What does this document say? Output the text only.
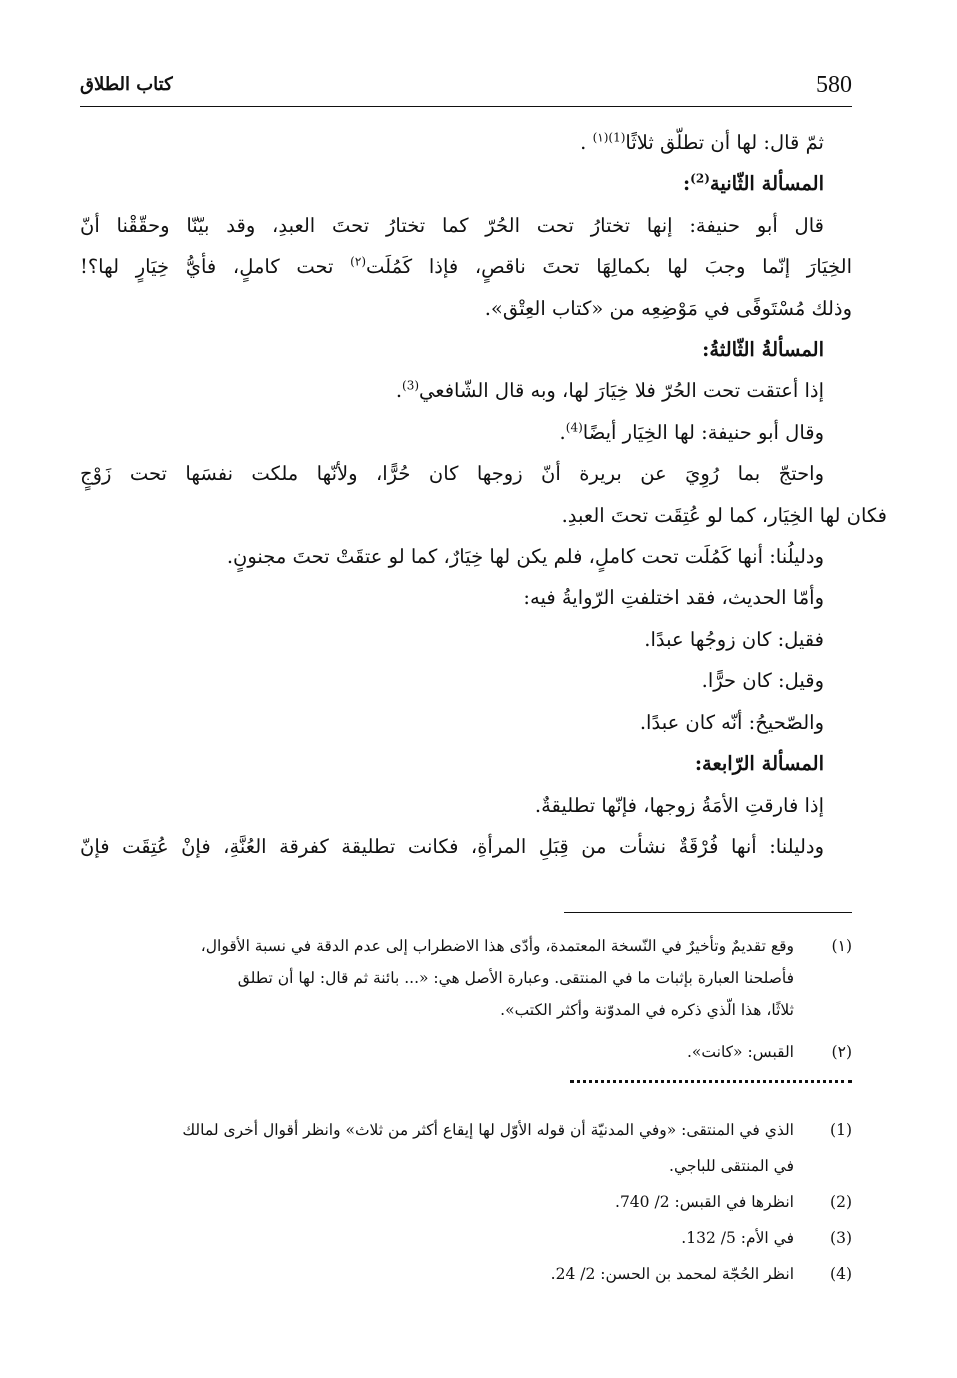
580
كتاب الطلاق

ثمّ قال: لها أن تطلّق ثلاثًا$^{(1)(١)}$ .

المسألة الثّانية$^{(2)}$:

قال أبو حنيفة: إنها تختارُ تحت الحُرّ كما تختارُ تحتَ العبدِ، وقد بيّنّا وحقّقْنا أنّ

الخِيَارَ إنّما وجبَ لها بكمالِهَا تحتَ ناقصٍ، فإذا كَمُلَت$^{(٢)}$ تحت كاملٍ، فأيُّ خِيَارٍ لها؟!

وذلك مُسْتَوفًى في مَوْضِعِه من «كتاب العِتْق».

المسألةُ الثّالثةُ:

إذا أعتقت تحت الحُرّ فلا خِيَارَ لها، وبه قال الشّافعي$^{(3)}$.

وقال أبو حنيفة: لها الخِيَار أيضًا$^{(4)}$.

واحتجّ بما رُوِيَ عن بريرة أنّ زوجها كان حُرًّا، ولأنّها ملكت نفسَها تحت زَوْجٍ

فكان لها الخِيَار، كما لو عُتِقَت تحتَ العبدِ.

ودليلُنا: أنها كَمُلَت تحت كاملٍ، فلم يكن لها خِيَارٌ، كما لو عتقَتْ تحتَ مجنونٍ.

وأمّا الحديث، فقد اختلفتِ الرّوايةُ فيه:

فقيل: كان زوجُها عبدًا.

وقيل: كان حرًّا.

والصّحيحُ: أنّه كان عبدًا.

المسألة الرّابعة:

إذا فارقتِ الأمَةُ زوجها، فإنّها تطليقةٌ.

ودليلنا: أنها فُرْقَةٌ نشأت من قِبَلِ المرأةِ، فكانت تطليقة كفرقة العُنَّةِ، فإنْ عُتِقَت فإنّ

(١)
وقع تقديمٌ وتأخيرٌ في النّسخة المعتمدة، وأدّى هذا الاضطراب إلى عدم الدقة في نسبة الأقوال،
فأصلحنا العبارة بإثبات ما في المنتقى. وعبارة الأصل هي: «... بائنة ثم قال: لها أن تطلق
ثلاثًا، هذا الّذي ذكره في المدوّنة وأكثر الكتب».
(٢)
القبس: «كانت».
(1)
الذي في المنتقى: «وفي المدنيّة أن قوله الأوّل لها إيقاع أكثر من ثلاث» وانظر أقوال أخرى لمالك
في المنتقى للباجي.
(2)
انظرها في القبس: 2/ 740.
(3)
في الأم: 5/ 132.
(4)
انظر الحُجّة لمحمد بن الحسن: 2/ 24.
